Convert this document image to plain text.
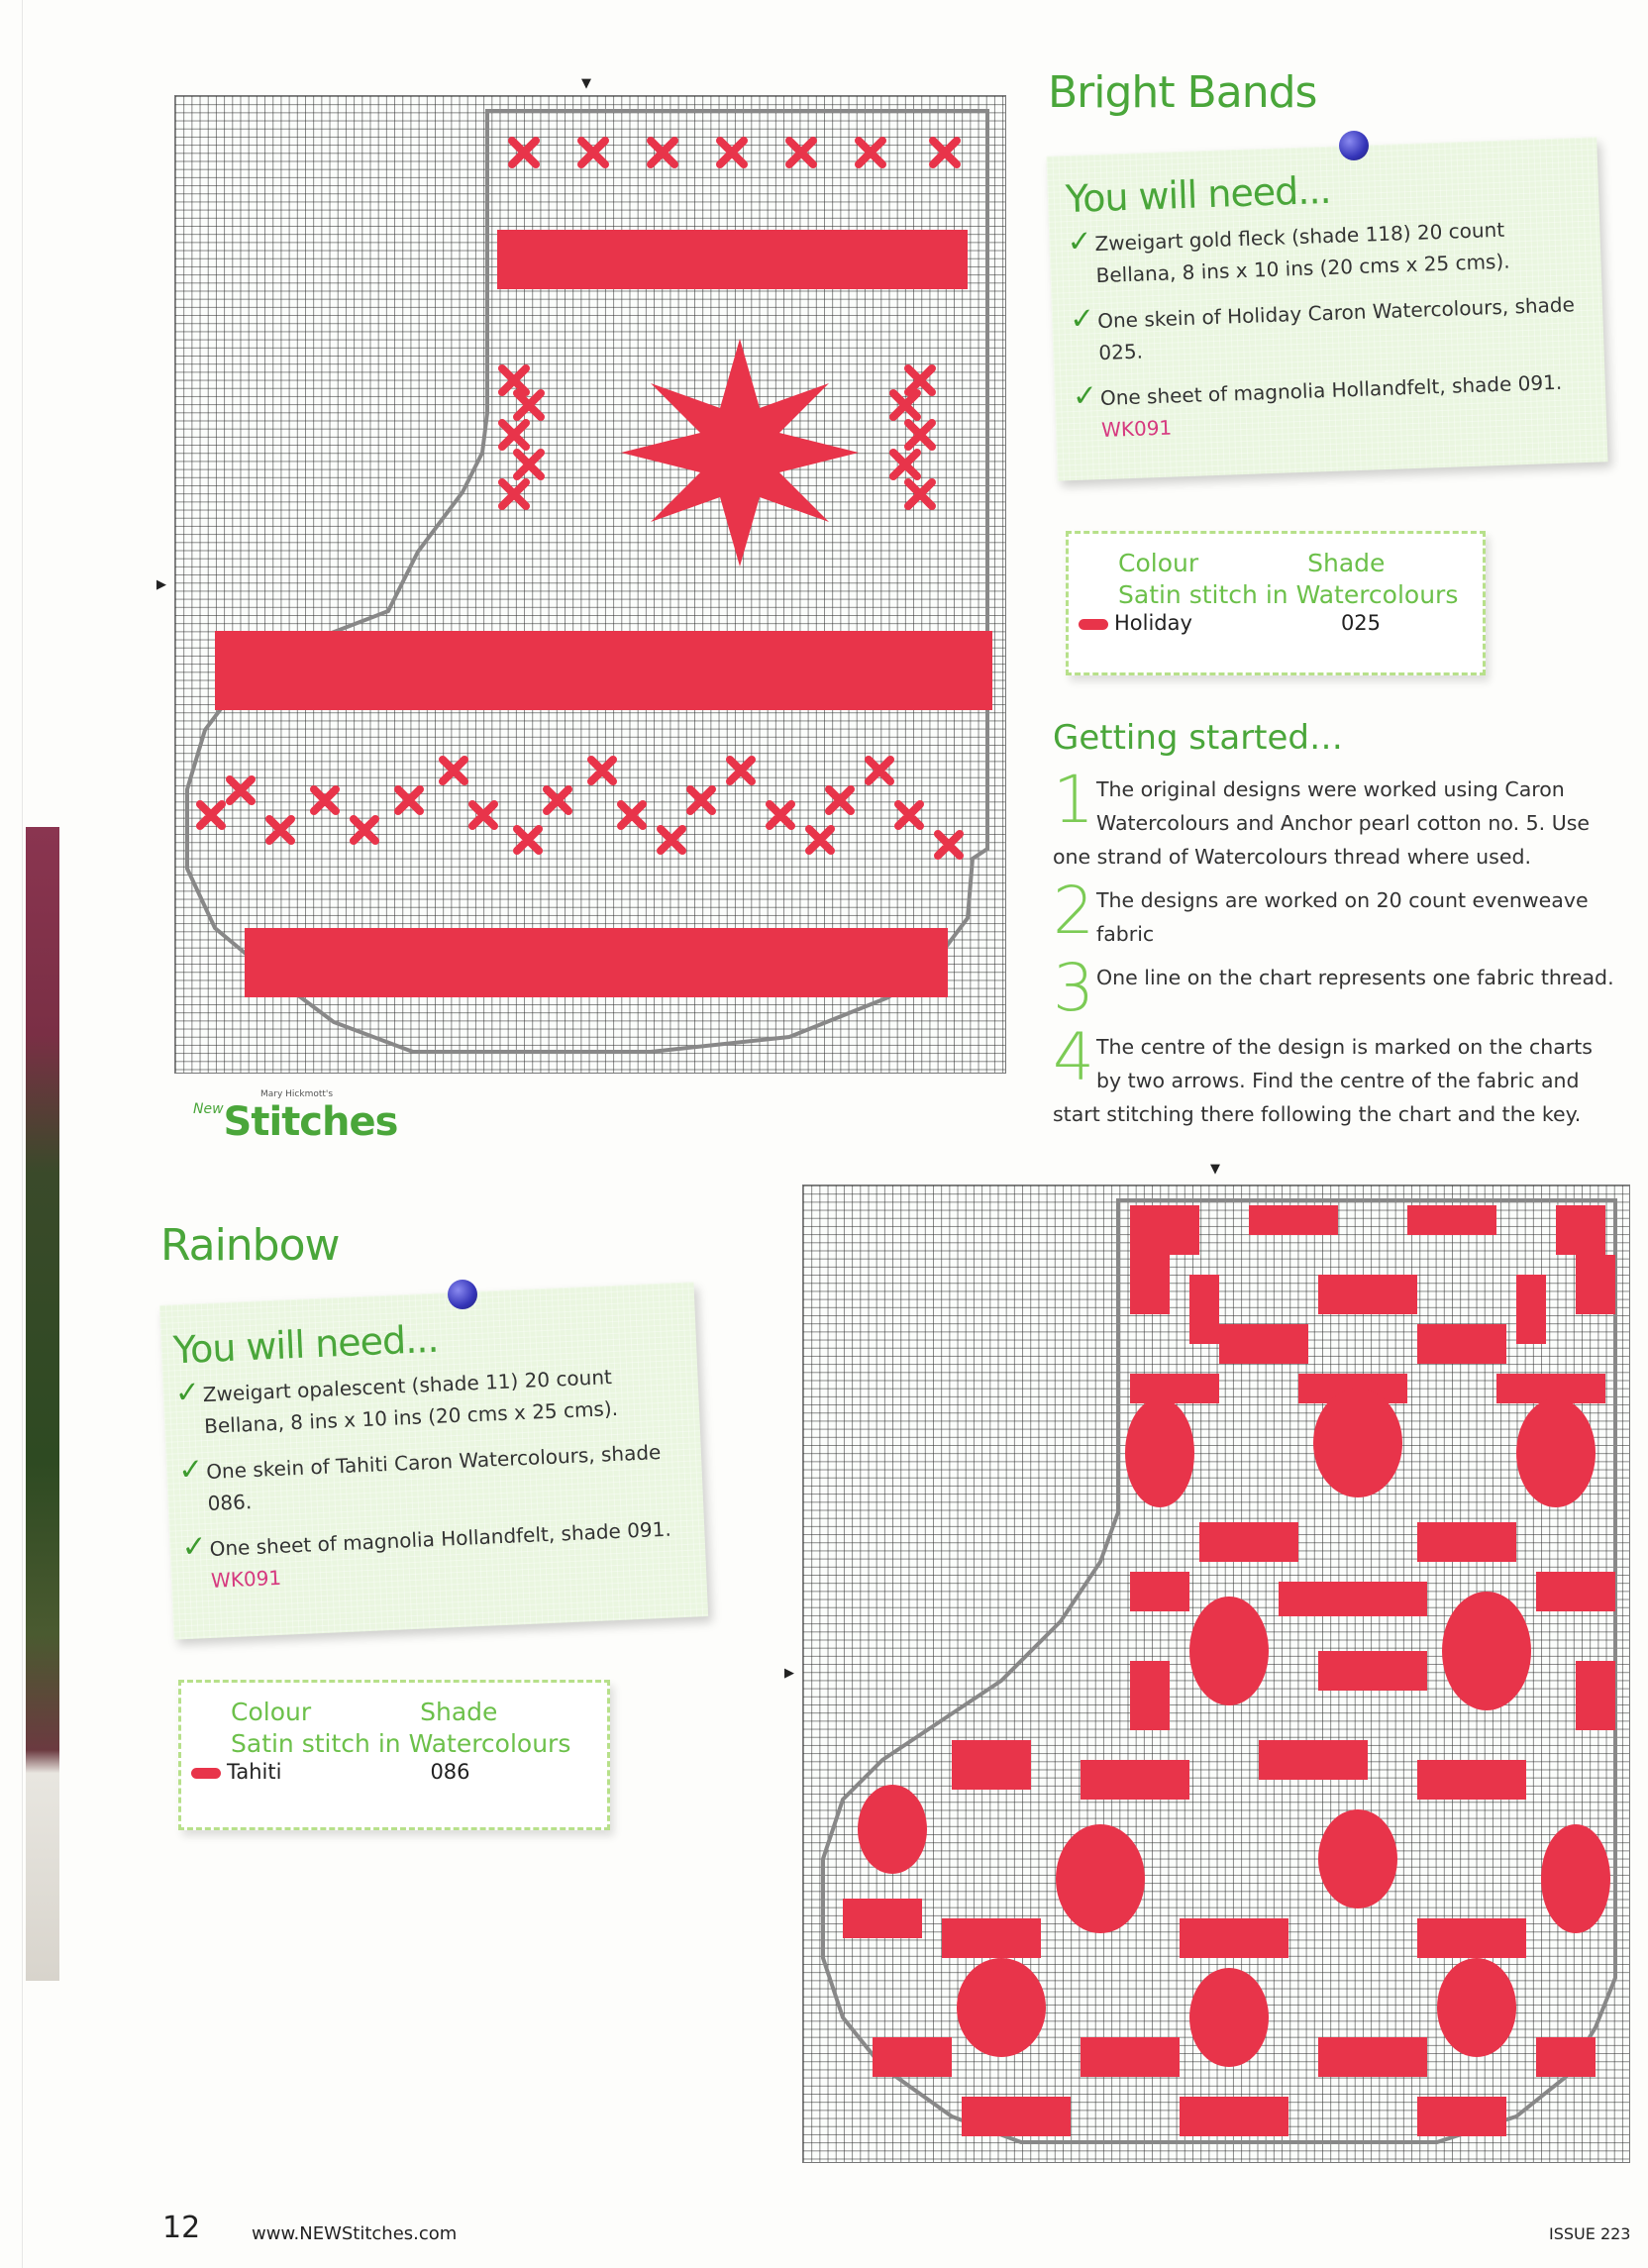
▼
▶
Mary Hickmott's
New Stitches
Bright Bands
You will need...
✓ Zweigart gold fleck (shade 118) 20 count Bellana, 8 ins x 10 ins (20 cms x 25 cms).
✓ One skein of Holiday Caron Watercolours, shade 025.
✓ One sheet of magnolia Hollandfelt, shade 091. WK091
Colour	Shade
Satin stitch in Watercolours
Holiday	025
Getting started…
1 The original designs were worked using Caron Watercolours and Anchor pearl cotton no. 5. Use one strand of Watercolours thread where used.
2 The designs are worked on 20 count evenweave fabric
3 One line on the chart represents one fabric thread.
4 The centre of the design is marked on the charts by two arrows. Find the centre of the fabric and start stitching there following the chart and the key.
Rainbow
You will need...
✓ Zweigart opalescent (shade 11) 20 count Bellana, 8 ins x 10 ins (20 cms x 25 cms).
✓ One skein of Tahiti Caron Watercolours, shade 086.
✓ One sheet of magnolia Hollandfelt, shade 091. WK091
Colour	Shade
Satin stitch in Watercolours
Tahiti	086
▼
▶
12	www.NEWStitches.com	ISSUE 223
